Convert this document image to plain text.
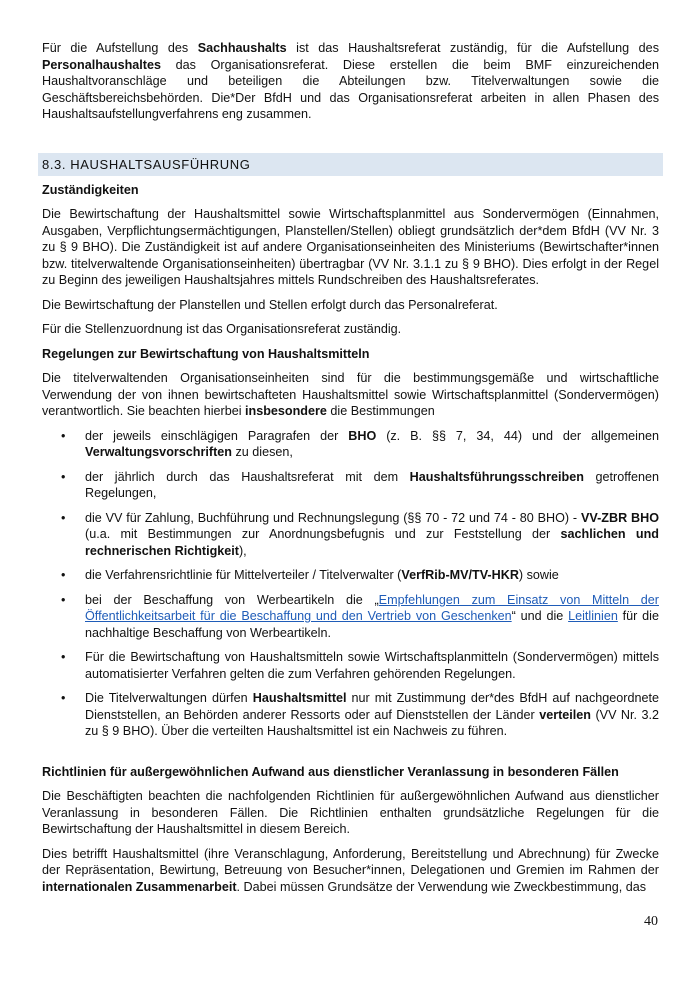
Für die Aufstellung des Sachhaushalts ist das Haushaltsreferat zuständig, für die Aufstellung des Personalhaushaltes das Organisationsreferat. Diese erstellen die beim BMF einzureichenden Haushaltvoranschläge und beteiligen die Abteilungen bzw. Titelverwaltungen sowie die Geschäftsbereichsbehörden. Die*Der BfdH und das Organisationsreferat arbeiten in allen Phasen des Haushaltsaufstellungverfahrens eng zusammen.

8.3. HAUSHALTSAUSFÜHRUNG
Zuständigkeiten

Die Bewirtschaftung der Haushaltsmittel sowie Wirtschaftsplanmittel aus Sondervermögen (Einnahmen, Ausgaben, Verpflichtungsermächtigungen, Planstellen/Stellen) obliegt grundsätzlich der*dem BfdH (VV Nr. 3 zu § 9 BHO). Die Zuständigkeit ist auf andere Organisationseinheiten des Ministeriums (Bewirtschafter*innen bzw. titelverwaltende Organisationseinheiten) übertragbar (VV Nr. 3.1.1 zu § 9 BHO). Dies erfolgt in der Regel zu Beginn des jeweiligen Haushaltsjahres mittels Rundschreiben des Haushaltsreferates.

Die Bewirtschaftung der Planstellen und Stellen erfolgt durch das Personalreferat.

Für die Stellenzuordnung ist das Organisationsreferat zuständig.

Regelungen zur Bewirtschaftung von Haushaltsmitteln

Die titelverwaltenden Organisationseinheiten sind für die bestimmungsgemäße und wirtschaftliche Verwendung der von ihnen bewirtschafteten Haushaltsmittel sowie Wirtschaftsplanmittel (Sondervermögen) verantwortlich. Sie beachten hierbei insbesondere die Bestimmungen

• der jeweils einschlägigen Paragrafen der BHO (z. B. §§ 7, 34, 44) und der allgemeinen Verwaltungsvorschriften zu diesen,
• der jährlich durch das Haushaltsreferat mit dem Haushaltsführungsschreiben getroffenen Regelungen,
• die VV für Zahlung, Buchführung und Rechnungslegung (§§ 70 - 72 und 74 - 80 BHO) - VV-ZBR BHO (u.a. mit Bestimmungen zur Anordnungsbefugnis und zur Feststellung der sachlichen und rechnerischen Richtigkeit),
• die Verfahrensrichtlinie für Mittelverteiler / Titelverwalter (VerfRib-MV/TV-HKR) sowie
• bei der Beschaffung von Werbeartikeln die „Empfehlungen zum Einsatz von Mitteln der Öffentlichkeitsarbeit für die Beschaffung und den Vertrieb von Geschenken“ und die Leitlinien für die nachhaltige Beschaffung von Werbeartikeln.
• Für die Bewirtschaftung von Haushaltsmitteln sowie Wirtschaftsplanmitteln (Sondervermögen) mittels automatisierter Verfahren gelten die zum Verfahren gehörenden Regelungen.
• Die Titelverwaltungen dürfen Haushaltsmittel nur mit Zustimmung der*des BfdH auf nachgeordnete Dienststellen, an Behörden anderer Ressorts oder auf Dienststellen der Länder verteilen (VV Nr. 3.2 zu § 9 BHO). Über die verteilten Haushaltsmittel ist ein Nachweis zu führen.
Richtlinien für außergewöhnlichen Aufwand aus dienstlicher Veranlassung in besonderen Fällen

Die Beschäftigten beachten die nachfolgenden Richtlinien für außergewöhnlichen Aufwand aus dienstlicher Veranlassung in besonderen Fällen. Die Richtlinien enthalten grundsätzliche Regelungen für die Bewirtschaftung der Haushaltsmittel in diesem Bereich.

Dies betrifft Haushaltsmittel (ihre Veranschlagung, Anforderung, Bereitstellung und Abrechnung) für Zwecke der Repräsentation, Bewirtung, Betreuung von Besucher*innen, Delegationen und Gremien im Rahmen der internationalen Zusammenarbeit. Dabei müssen Grundsätze der Verwendung wie Zweckbestimmung, das

40
